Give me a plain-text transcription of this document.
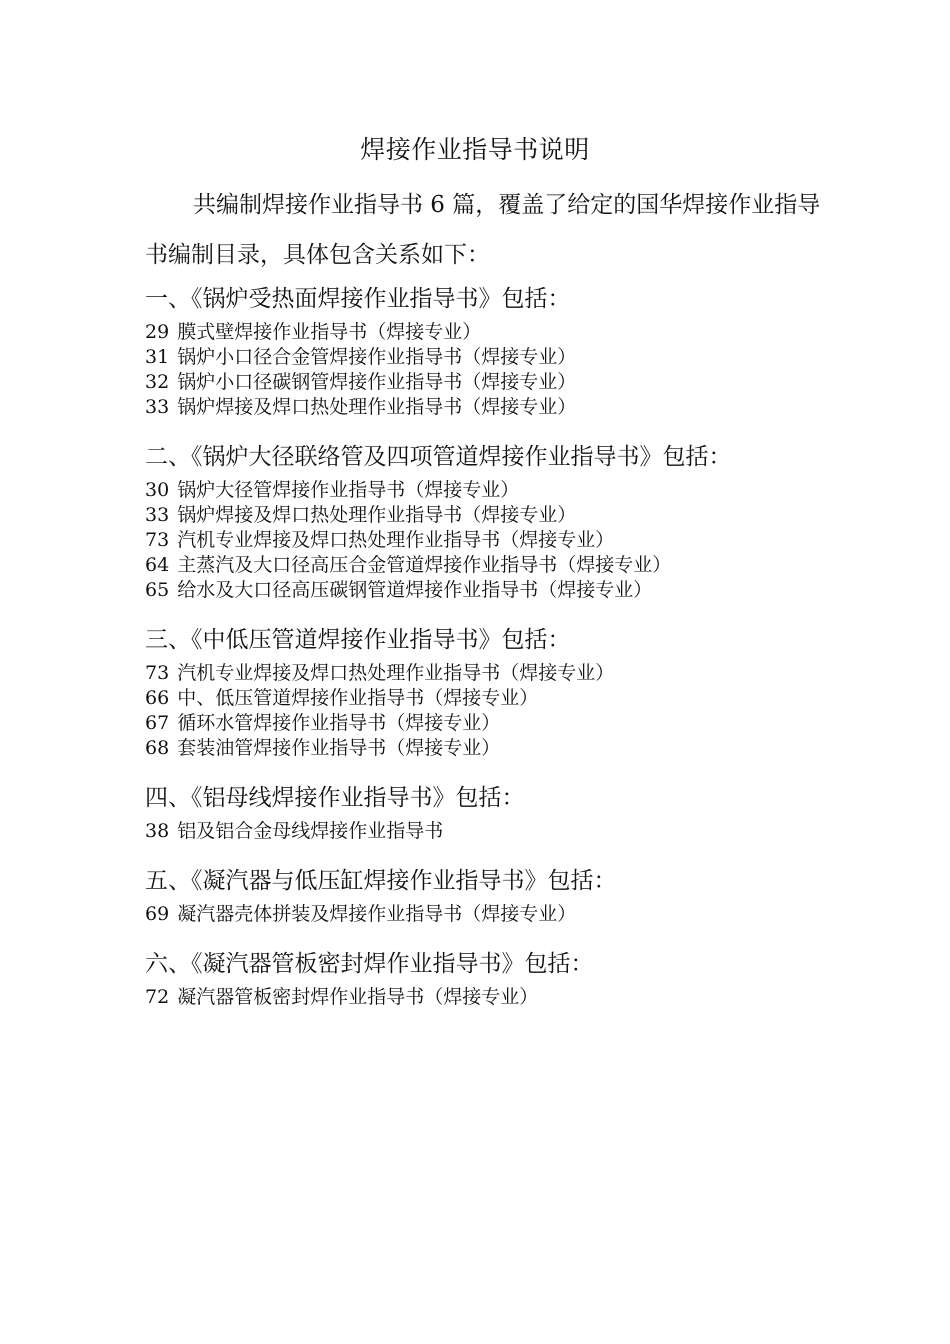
焊接作业指导书说明
共编制焊接作业指导书 6 篇，覆盖了给定的国华焊接作业指导书编制目录，具体包含关系如下：
一、《锅炉受热面焊接作业指导书》包括：
29 膜式壁焊接作业指导书（焊接专业）
31 锅炉小口径合金管焊接作业指导书（焊接专业）
32 锅炉小口径碳钢管焊接作业指导书（焊接专业）
33 锅炉焊接及焊口热处理作业指导书（焊接专业）
二、《锅炉大径联络管及四项管道焊接作业指导书》包括：
30 锅炉大径管焊接作业指导书（焊接专业）
33 锅炉焊接及焊口热处理作业指导书（焊接专业）
73 汽机专业焊接及焊口热处理作业指导书（焊接专业）
64 主蒸汽及大口径高压合金管道焊接作业指导书（焊接专业）
65 给水及大口径高压碳钢管道焊接作业指导书（焊接专业）
三、《中低压管道焊接作业指导书》包括：
73 汽机专业焊接及焊口热处理作业指导书（焊接专业）
66 中、低压管道焊接作业指导书（焊接专业）
67 循环水管焊接作业指导书（焊接专业）
68 套装油管焊接作业指导书（焊接专业）
四、《铝母线焊接作业指导书》包括：
38 铝及铝合金母线焊接作业指导书
五、《凝汽器与低压缸焊接作业指导书》包括：
69 凝汽器壳体拼装及焊接作业指导书（焊接专业）
六、《凝汽器管板密封焊作业指导书》包括：
72 凝汽器管板密封焊作业指导书（焊接专业）
